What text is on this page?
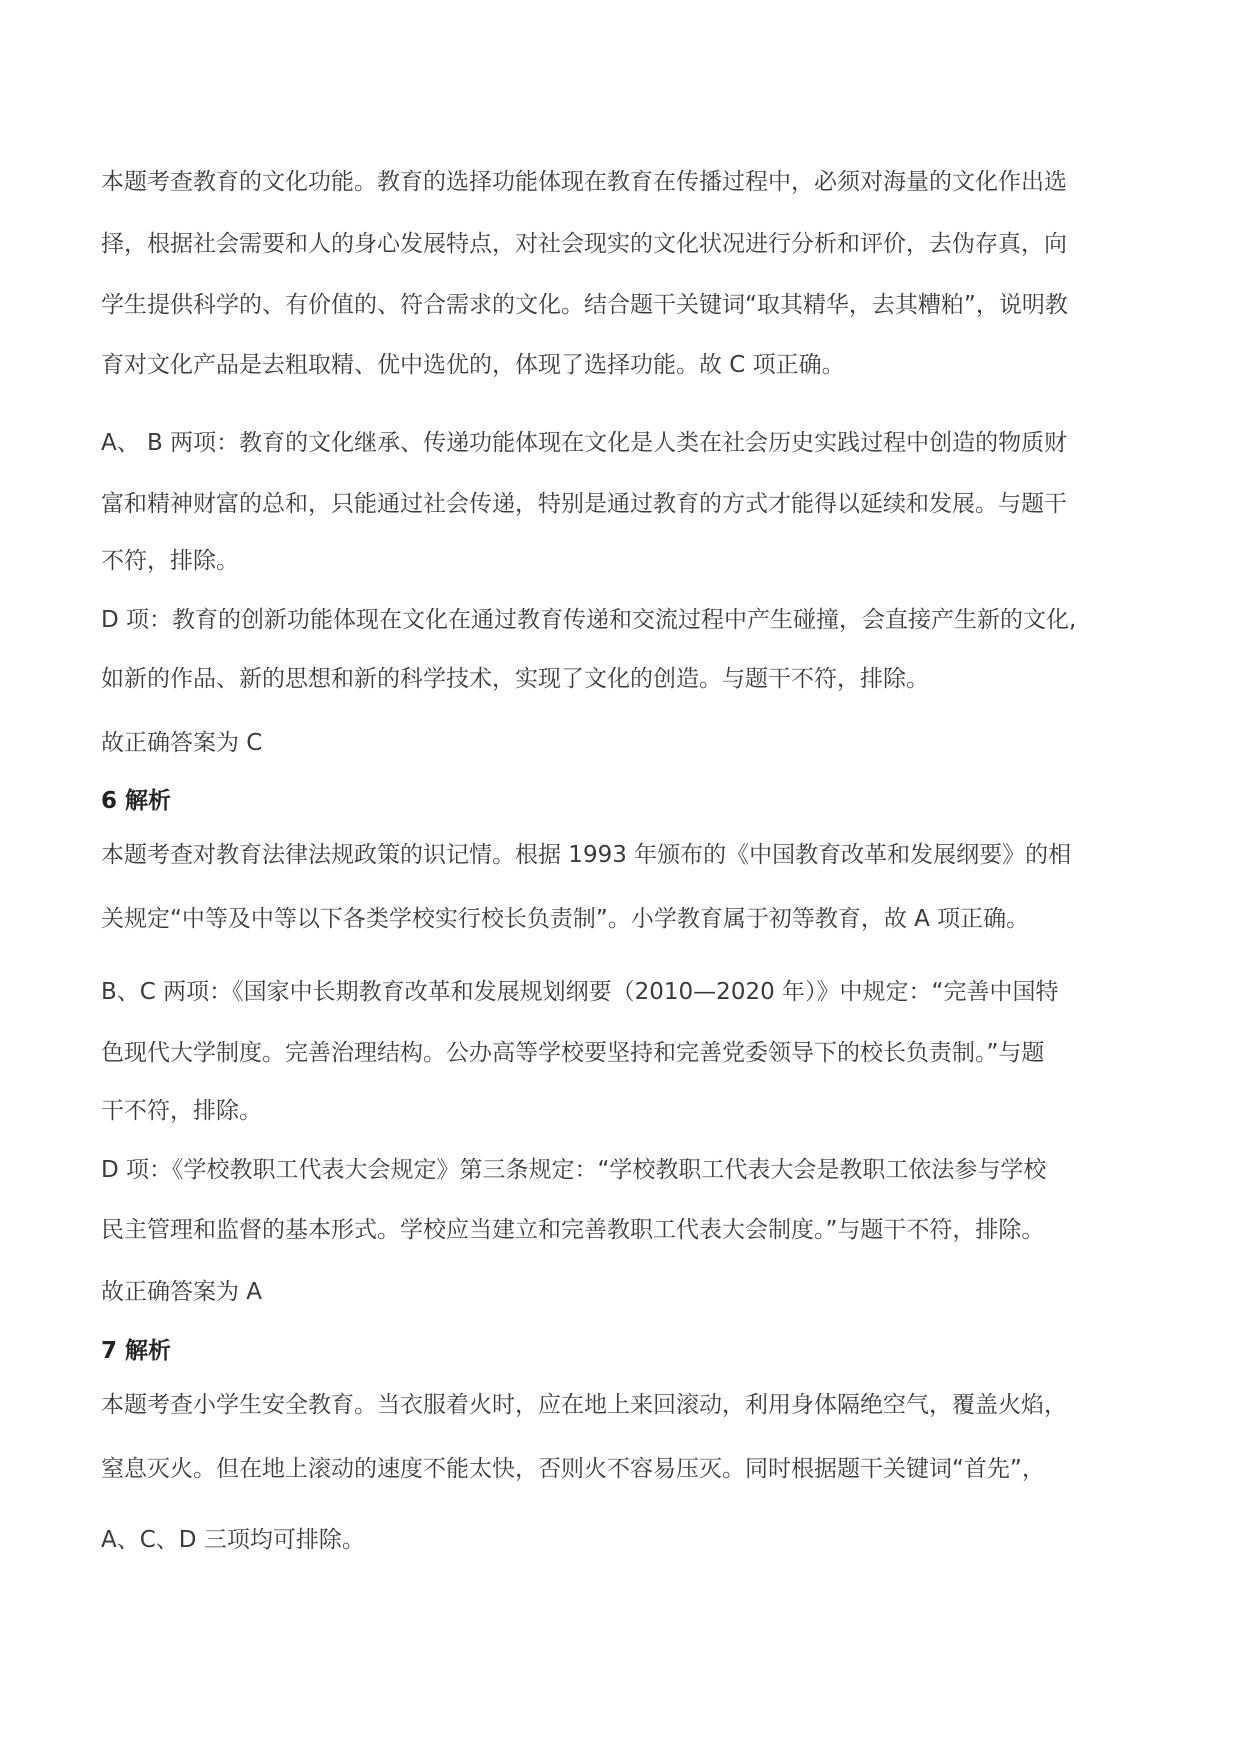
本题考查教育的文化功能。教育的选择功能体现在教育在传播过程中，必须对海量的文化作出选
择，根据社会需要和人的身心发展特点，对社会现实的文化状况进行分析和评价，去伪存真，向
学生提供科学的、有价值的、符合需求的文化。结合题干关键词“取其精华，去其糟粕”，说明教
育对文化产品是去粗取精、优中选优的，体现了选择功能。故 C 项正确。
A、 B 两项：教育的文化继承、传递功能体现在文化是人类在社会历史实践过程中创造的物质财
富和精神财富的总和，只能通过社会传递，特别是通过教育的方式才能得以延续和发展。与题干
不符，排除。
D 项：教育的创新功能体现在文化在通过教育传递和交流过程中产生碰撞，会直接产生新的文化,
如新的作品、新的思想和新的科学技术，实现了文化的创造。与题干不符，排除。
故正确答案为 C
6 解析
本题考查对教育法律法规政策的识记情。根据 1993 年颁布的《中国教育改革和发展纲要》的相
关规定“中等及中等以下各类学校实行校长负责制”。小学教育属于初等教育，故 A 项正确。
B、C 两项：《国家中长期教育改革和发展规划纲要（2010—2020 年）》中规定：“完善中国特
色现代大学制度。完善治理结构。公办高等学校要坚持和完善党委领导下的校长负责制。”与题
干不符，排除。
D 项：《学校教职工代表大会规定》第三条规定：“学校教职工代表大会是教职工依法参与学校
民主管理和监督的基本形式。学校应当建立和完善教职工代表大会制度。”与题干不符，排除。
故正确答案为 A
7 解析
本题考查小学生安全教育。当衣服着火时，应在地上来回滚动，利用身体隔绝空气，覆盖火焰，
窒息灭火。但在地上滚动的速度不能太快，否则火不容易压灭。同时根据题干关键词“首先”，
A、C、D 三项均可排除。
